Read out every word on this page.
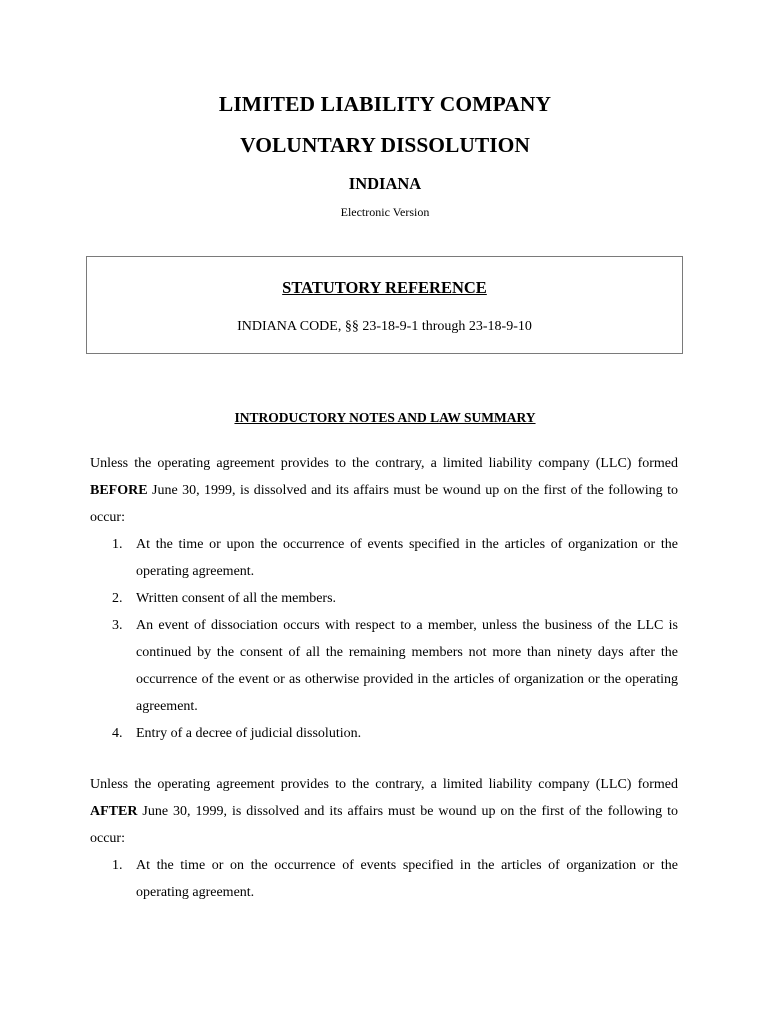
LIMITED LIABILITY COMPANY
VOLUNTARY DISSOLUTION
INDIANA
Electronic Version
STATUTORY REFERENCE
INDIANA CODE, §§ 23-18-9-1 through 23-18-9-10
INTRODUCTORY NOTES AND LAW SUMMARY

Unless the operating agreement provides to the contrary, a limited liability company (LLC) formed BEFORE June 30, 1999, is dissolved and its affairs must be wound up on the first of the following to occur:

1. At the time or upon the occurrence of events specified in the articles of organization or the operating agreement.
2. Written consent of all the members.
3. An event of dissociation occurs with respect to a member, unless the business of the LLC is continued by the consent of all the remaining members not more than ninety days after the occurrence of the event or as otherwise provided in the articles of organization or the operating agreement.
4. Entry of a decree of judicial dissolution.

Unless the operating agreement provides to the contrary, a limited liability company (LLC) formed AFTER June 30, 1999, is dissolved and its affairs must be wound up on the first of the following to occur:

1. At the time or on the occurrence of events specified in the articles of organization or the operating agreement.
